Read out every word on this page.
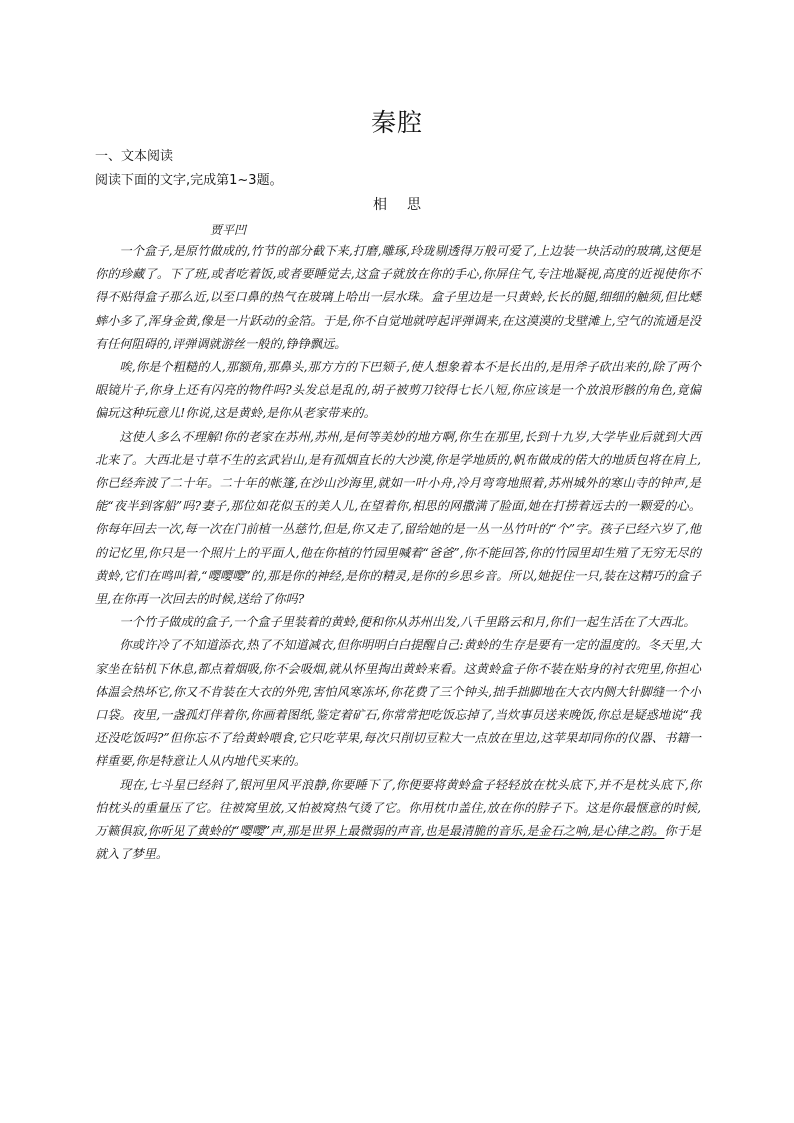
秦腔
一、文本阅读
阅读下面的文字,完成第1~3题。
相思
贾平凹

一个盒子,是原竹做成的,竹节的部分截下来,打磨,雕琢,玲珑剔透得万般可爱了,上边装一块活动的玻璃,这便是你的珍藏了。下了班,或者吃着饭,或者要睡觉去,这盒子就放在你的手心,你屏住气,专注地凝视,高度的近视使你不得不贴得盒子那么近,以至口鼻的热气在玻璃上哈出一层水珠。盒子里边是一只黄蛉,长长的腿,细细的触须,但比蟋蟀小多了,浑身金黄,像是一片跃动的金箔。于是,你不自觉地就哼起评弹调来,在这漠漠的戈壁滩上,空气的流通是没有任何阻碍的,评弹调就游丝一般的,铮铮飘远。

唉,你是个粗糙的人,那额角,那鼻头,那方方的下巴颏子,使人想象着本不是长出的,是用斧子砍出来的,除了两个眼镜片子,你身上还有闪亮的物件吗?头发总是乱的,胡子被剪刀铰得七长八短,你应该是一个放浪形骸的角色,竟偏偏玩这种玩意儿!你说,这是黄蛉,是你从老家带来的。

这使人多么不理解!你的老家在苏州,苏州,是何等美妙的地方啊,你生在那里,长到十九岁,大学毕业后就到大西北来了。大西北是寸草不生的玄武岩山,是有孤烟直长的大沙漠,你是学地质的,帆布做成的偌大的地质包将在肩上,你已经奔波了二十年。二十年的帐篷,在沙山沙海里,就如一叶小舟,冷月弯弯地照着,苏州城外的寒山寺的钟声,是能“夜半到客船”吗?妻子,那位如花似玉的美人儿,在望着你,相思的网撒满了脸面,她在打捞着远去的一颗爱的心。你每年回去一次,每一次在门前植一丛慈竹,但是,你又走了,留给她的是一丛一丛竹叶的“个”字。孩子已经六岁了,他的记忆里,你只是一个照片上的平面人,他在你植的竹园里喊着“爸爸”,你不能回答,你的竹园里却生殖了无穷无尽的黄蛉,它们在鸣叫着,“嘤嘤嘤”的,那是你的神经,是你的精灵,是你的乡思乡音。所以,她捉住一只,装在这精巧的盒子里,在你再一次回去的时候,送给了你吗?

一个竹子做成的盒子,一个盒子里装着的黄蛉,便和你从苏州出发,八千里路云和月,你们一起生活在了大西北。

你或许冷了不知道添衣,热了不知道减衣,但你明明白白提醒自己:黄蛉的生存是要有一定的温度的。冬天里,大家坐在钻机下休息,都点着烟吸,你不会吸烟,就从怀里掏出黄蛉来看。这黄蛉盒子你不装在贴身的衬衣兜里,你担心体温会热坏它,你又不肯装在大衣的外兜,害怕风寒冻坏,你花费了三个钟头,拙手拙脚地在大衣内侧大针脚缝一个小口袋。夜里,一盏孤灯伴着你,你画着图纸,鉴定着矿石,你常常把吃饭忘掉了,当炊事员送来晚饭,你总是疑惑地说“我还没吃饭吗?”但你忘不了给黄蛉喂食,它只吃苹果,每次只削切豆粒大一点放在里边,这苹果却同你的仪器、书籍一样重要,你是特意让人从内地代买来的。

现在,七斗星已经斜了,银河里风平浪静,你要睡下了,你便要将黄蛉盒子轻轻放在枕头底下,并不是枕头底下,你怕枕头的重量压了它。往被窝里放,又怕被窝热气烫了它。你用枕巾盖住,放在你的脖子下。这是你最惬意的时候,万籁俱寂,你听见了黄蛉的“嘤嘤”声,那是世界上最微弱的声音,也是最清脆的音乐,是金石之响,是心律之韵。你于是就入了梦里。
